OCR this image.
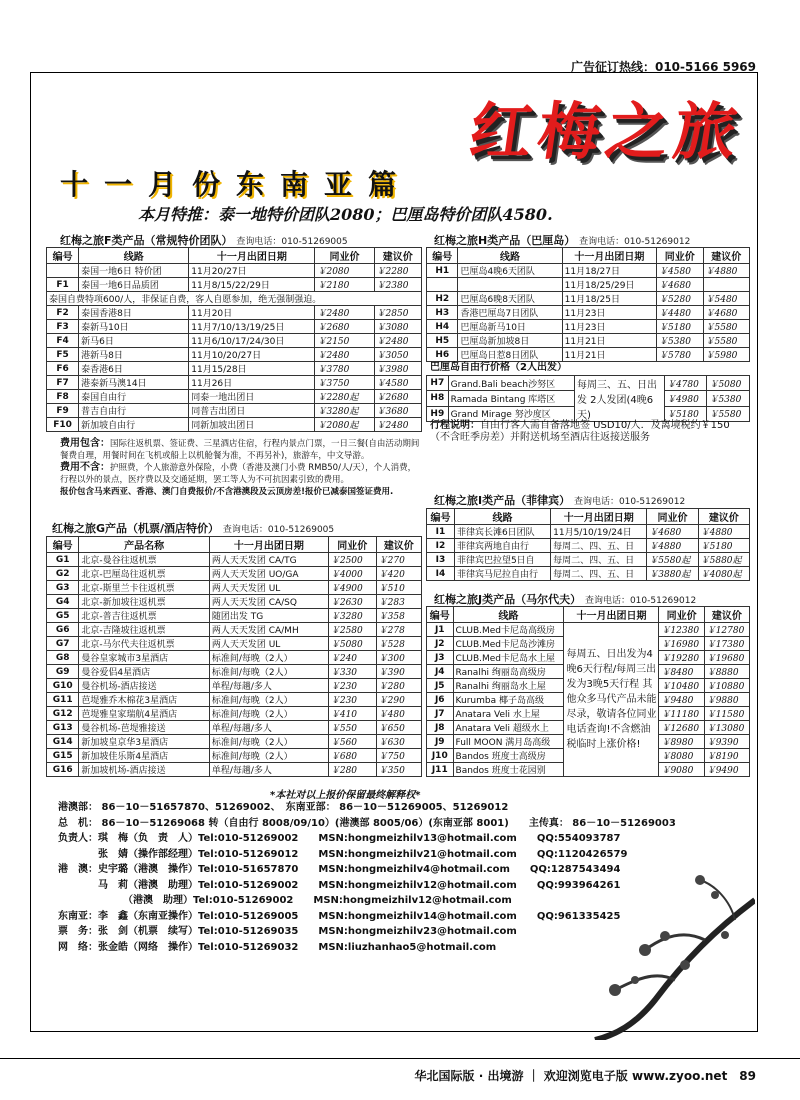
广告征订热线：010-5166 5969
红梅之旅
十一月份东南亚篇
本月特推：泰一地特价团队2080；巴厘岛特价团队4580.
红梅之旅F类产品（常规特价团队） 查询电话：010-51269005
编号	线路	十一月出团日期	同业价	建议价
	泰国一地6日 特价团	11月20/27日	￥2080	￥2280
F1	泰国一地6日品质团	11月8/15/22/29日	￥2180	￥2380
泰国自费特项600/人，非保证自费，客人自愿参加，绝无强制强迫。				
F2	泰国香港8日	11月20日	￥2480	￥2850
F3	泰新马10日	11月7/10/13/19/25日	￥2680	￥3080
F4	新马6日	11月6/10/17/24/30日	￥2150	￥2480
F5	港新马8日	11月10/20/27日	￥2480	￥3050
F6	泰香港6日	11月15/28日	￥3780	￥3980
F7	港泰新马澳14日	11月26日	￥3750	￥4580
F8	泰国自由行	同泰一地出团日	￥2280起	￥2680
F9	普吉自由行	同普吉出团日	￥3280起	￥3680
F10	新加坡自由行	同新加坡出团日	￥2080起	￥2480
费用包含：国际往返机票、签证费、三星酒店住宿，行程内景点门票，一日三餐(自由活动期间餐费自理，用餐时间在飞机或船上以机舱餐为准，不再另补)，旅游车，中文导游。
费用不含：护照费，个人旅游意外保险，小费（香港及澳门小费 RMB50/人/天），个人消费，行程以外的景点，医疗费以及交通延期，罢工等人为不可抗因素引致的费用。
报价包含马来西亚、香港、澳门自费报价/不含港澳段及云顶房差!报价已减泰国签证费用.
红梅之旅G产品（机票/酒店特价） 查询电话：010-51269005
编号	产品名称	十一月出团日期	同业价	建议价
G1	北京-曼谷往返机票	两人天天发团 CA/TG	￥2500	￥270
G2	北京-巴厘岛往返机票	两人天天发团 UO/GA	￥4000	￥420
G3	北京-斯里兰卡往返机票	两人天天发团 UL	￥4900	￥510
G4	北京-新加坡往返机票	两人天天发团 CA/SQ	￥2630	￥283
G5	北京-普吉往返机票	随团出发 TG	￥3280	￥358
G6	北京-吉隆坡往返机票	两人天天发团 CA/MH	￥2580	￥278
G7	北京-马尔代夫往返机票	两人天天发团 UL	￥5080	￥528
G8	曼谷皇家城市3星酒店	标准间/每晚（2人）	￥240	￥300
G9	曼谷爱侣4星酒店	标准间/每晚（2人）	￥330	￥390
G10	曼谷机场-酒店接送	单程/每趟/多人	￥230	￥280
G11	芭堤雅乔木棉花3星酒店	标准间/每晚（2人）	￥230	￥290
G12	芭堤雅皇家瑞航4星酒店	标准间/每晚（2人）	￥410	￥480
G13	曼谷机场-芭堤雅接送	单程/每趟/多人	￥550	￥650
G14	新加坡皇京华3星酒店	标准间/每晚（2人）	￥560	￥630
G15	新加坡佳乐斯4星酒店	标准间/每晚（2人）	￥680	￥750
G16	新加坡机场-酒店接送	单程/每趟/多人	￥280	￥350
红梅之旅H类产品（巴厘岛） 查询电话：010-51269012
编号	线路	十一月出团日期	同业价	建议价
H1	巴厘岛4晚6天团队	11月18/27日	￥4580	￥4880
		11月18/25/29日	￥4680	
H2	巴厘岛6晚8天团队	11月18/25日	￥5280	￥5480
H3	香港巴厘岛7日团队	11月23日	￥4480	￥4680
H4	巴厘岛新马10日	11月23日	￥5180	￥5580
H5	巴厘岛新加坡8日	11月21日	￥5380	￥5580
H6	巴厘岛日惹8日团队	11月21日	￥5780	￥5980
巴厘岛自由行价格（2人出发）
H7	Grand.Bali beach沙努区	每周三、五、日出发 2人发团(4晚6天)	￥4780	￥5080
H8	Ramada Bintang 库塔区		￥4980	￥5380
H9	Grand Mirage 努沙度区		￥5180	￥5580
行程说明：自由行客人需自备落地签 USD10/人．及离境税约￥150（不含旺季房差）并附送机场至酒店往返接送服务
红梅之旅I类产品（菲律宾） 查询电话：010-51269012
编号	线路	十一月出团日期	同业价	建议价
I1	菲律宾长滩6日团队	11月5/10/19/24日	￥4680	￥4880
I2	菲律宾两地自由行	每周二、四、五、日	￥4880	￥5180
I3	菲律宾巴拉望5日自	每周二、四、五、日	￥5580起	￥5880起
I4	菲律宾马尼拉自由行	每周二、四、五、日	￥3880起	￥4080起
红梅之旅J类产品（马尔代夫） 查询电话：010-51269012
编号	线路	十一月出团日期	同业价	建议价
J1	CLUB.Med卡尼岛高级房	每周五、日出发为4晚6天行程/每周三出发为3晚5天行程 其他众多马代产品未能尽录，敬请各位同业电话查询!不含燃油税临时上涨价格!	￥12380	￥12780
J2	CLUB.Med卡尼岛沙滩房		￥16980	￥17380
J3	CLUB.Med卡尼岛水上屋		￥19280	￥19680
J4	Ranalhi 绚丽岛高级房		￥8480	￥8880
J5	Ranalhi 绚丽岛水上屋		￥10480	￥10880
J6	Kurumba 椰子岛高级		￥9480	￥9880
J7	Anatara Veli 水上屋		￥11180	￥11580
J8	Anatara Veli 超级水上		￥12680	￥13080
J9	Full MOON 满月岛高级		￥8980	￥9390
J10	Bandos 班度士高级房		￥8080	￥8190
J11	Bandos 班度士花园别		￥9080	￥9490
*本社对以上报价保留最终解释权*
港澳部： 86－10－51657870、51269002、　东南亚部： 86－10－51269005、51269012
总　机： 86－10－51269068 转（自由行 8008/09/10）(港澳部 8005/06）(东南亚部 8001)　　主传真： 86－10－51269003
负责人：琪　梅（负　责　人）Tel:010-51269002　　MSN:hongmeizhilv13@hotmail.com　　QQ:554093787
　　　　张　婧（操作部经理）Tel:010-51269012　　MSN:hongmeizhilv21@hotmail.com　　QQ:1120426579
港　澳：史宇璐（港澳　操作）Tel:010-51657870　　MSN:hongmeizhilv4@hotmail.com　　QQ:1287543494
　　　　马　莉（港澳　助理）Tel:010-51269002　　MSN:hongmeizhilv12@hotmail.com　　QQ:993964261
　　　　　　　（港澳　助理）Tel:010-51269002　　MSN:hongmeizhilv12@hotmail.com
东南亚：李　鑫（东南亚操作）Tel:010-51269005　　MSN:hongmeizhilv14@hotmail.com　　QQ:961335425
票　务：张　剑（机票　续写）Tel:010-51269035　　MSN:hongmeizhilv23@hotmail.com
网　络：张金皓（网络　操作）Tel:010-51269032　　MSN:liuzhanhao5@hotmail.com
华北国际版 · 出境游 ｜ 欢迎浏览电子版 www.zyoo.net　89
